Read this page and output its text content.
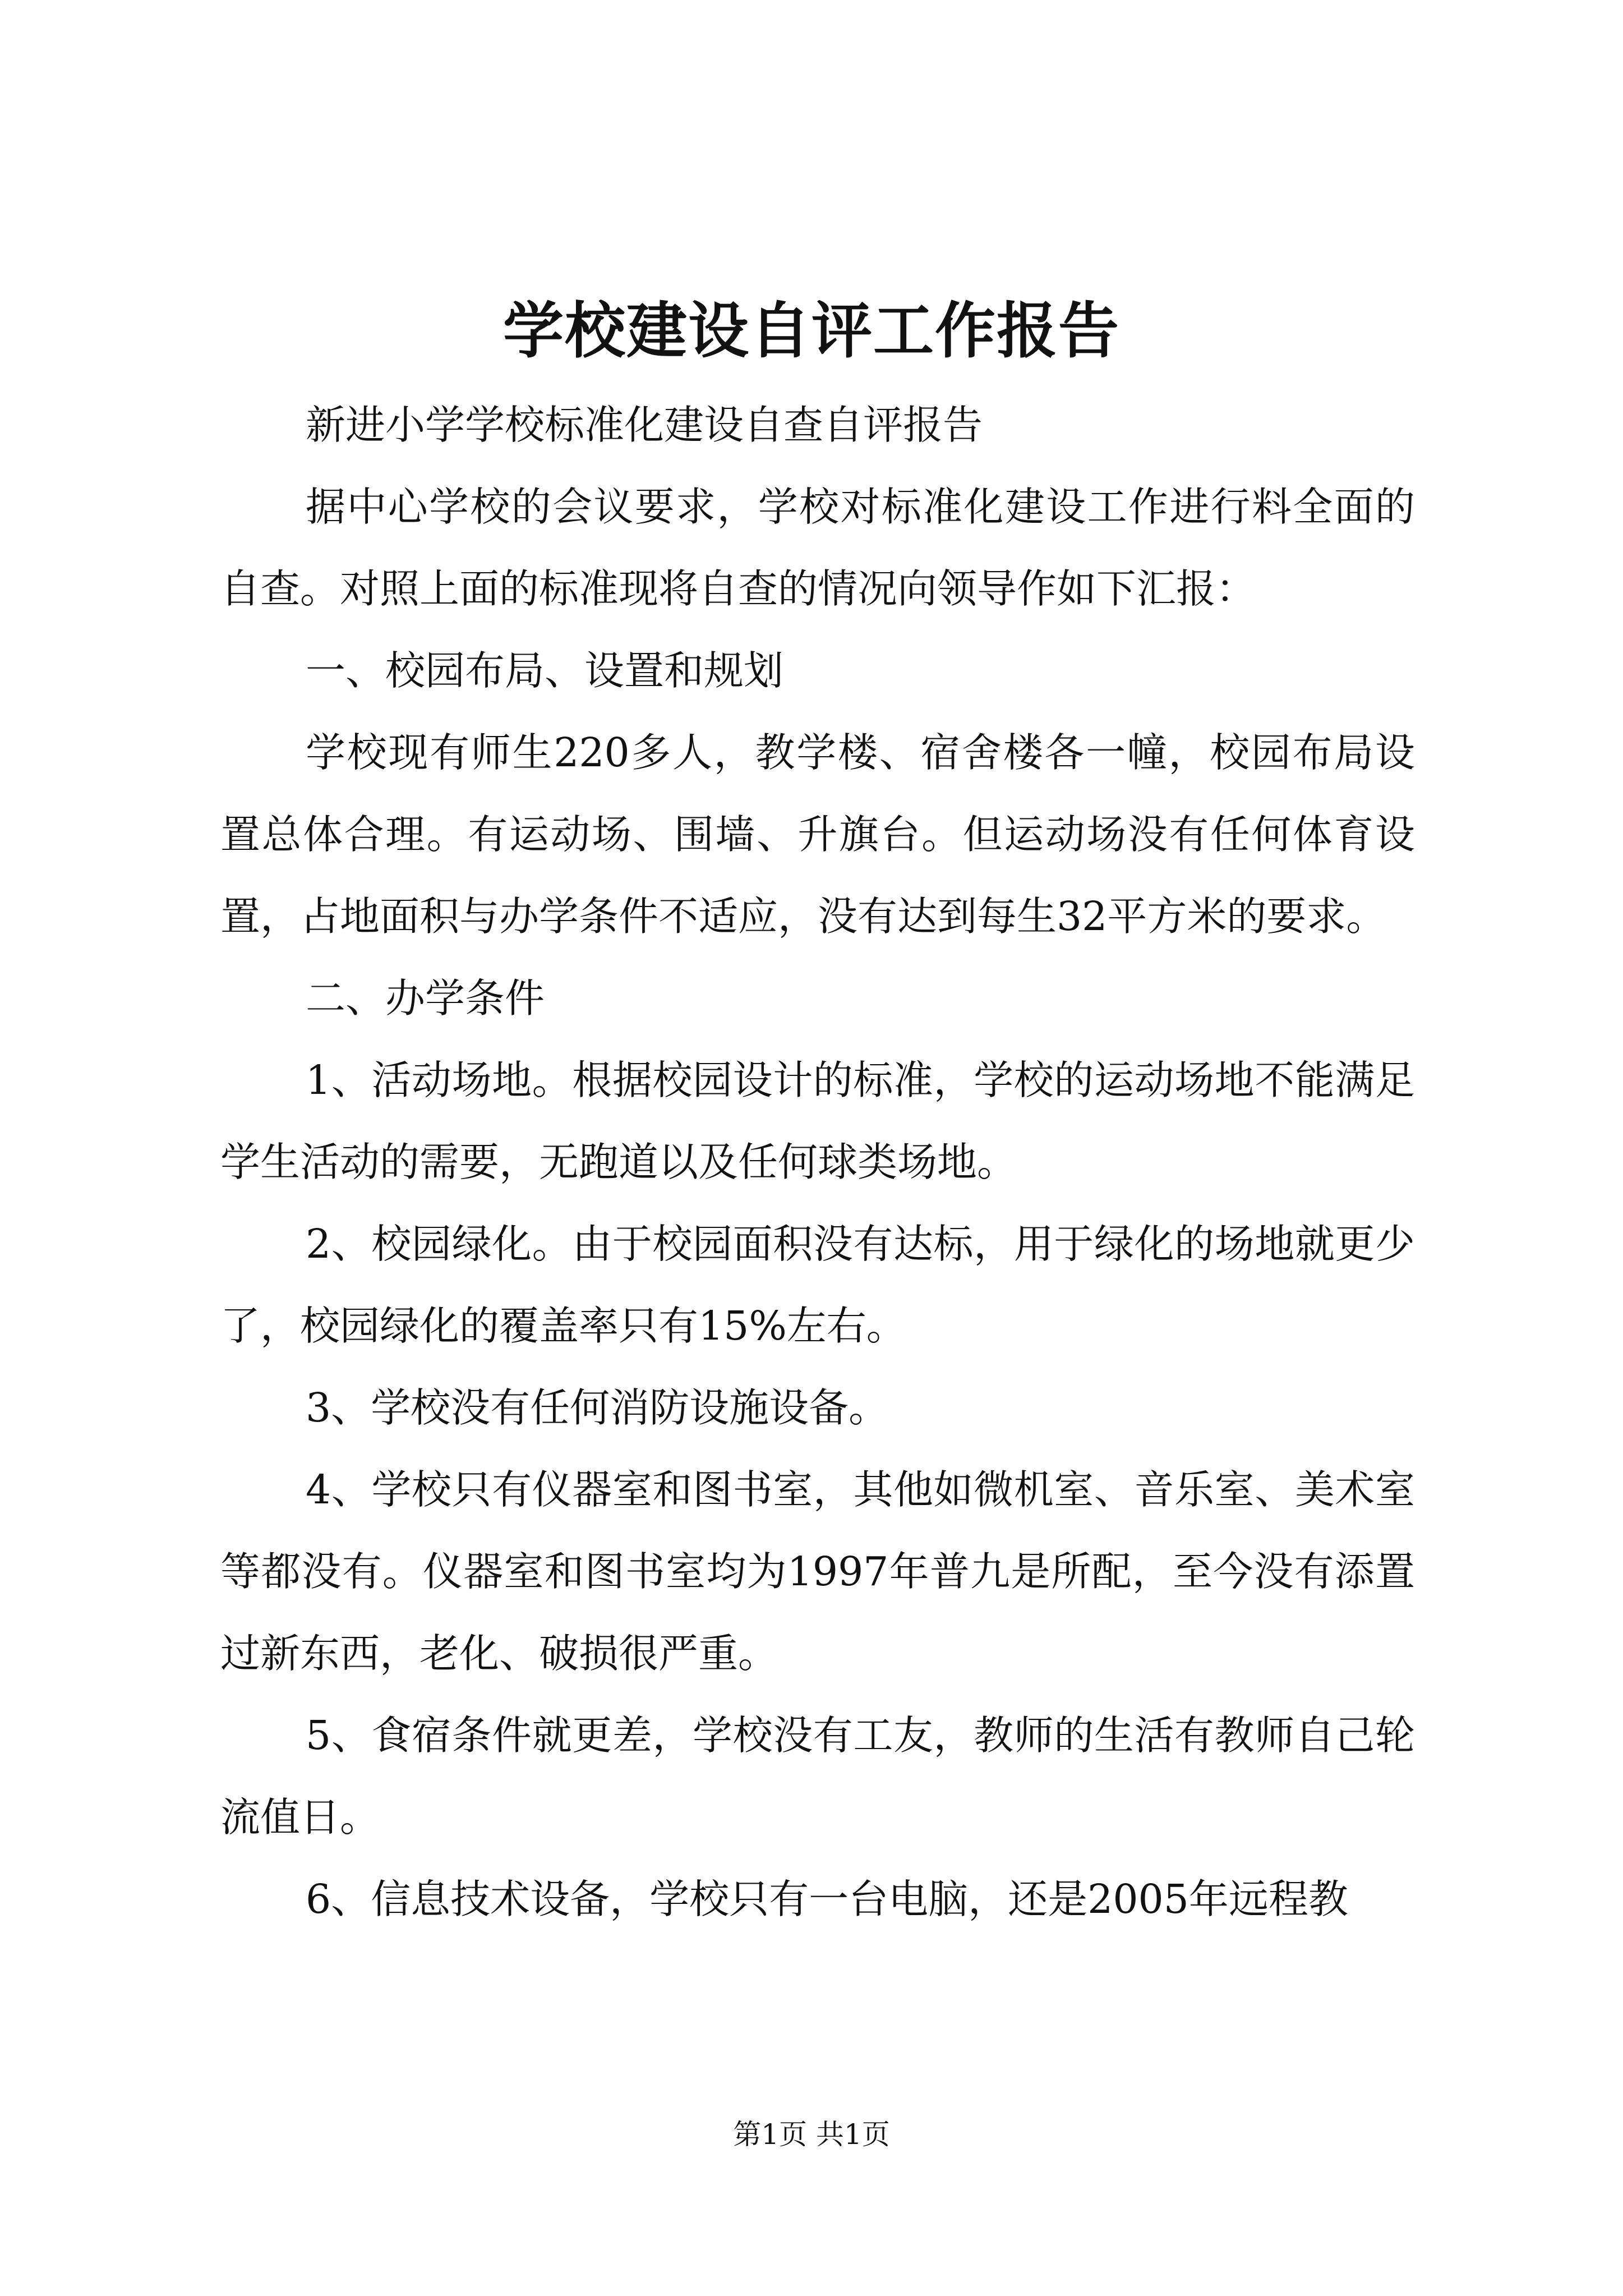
学校建设自评工作报告

新进小学学校标准化建设自查自评报告

据中心学校的会议要求，学校对标准化建设工作进行料全面的自查。对照上面的标准现将自查的情况向领导作如下汇报：

一、校园布局、设置和规划

学校现有师生220多人，教学楼、宿舍楼各一幢，校园布局设置总体合理。有运动场、围墙、升旗台。但运动场没有任何体育设置，占地面积与办学条件不适应，没有达到每生32平方米的要求。

二、办学条件

1、活动场地。根据校园设计的标准，学校的运动场地不能满足学生活动的需要，无跑道以及任何球类场地。

2、校园绿化。由于校园面积没有达标，用于绿化的场地就更少了，校园绿化的覆盖率只有15%左右。

3、学校没有任何消防设施设备。

4、学校只有仪器室和图书室，其他如微机室、音乐室、美术室等都没有。仪器室和图书室均为1997年普九是所配，至今没有添置过新东西，老化、破损很严重。

5、食宿条件就更差，学校没有工友，教师的生活有教师自己轮流值日。

6、信息技术设备，学校只有一台电脑，还是2005年远程教

第1页 共1页
